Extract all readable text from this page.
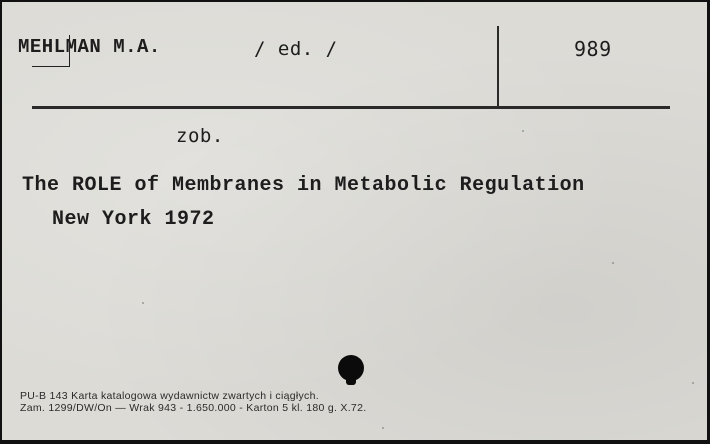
MEHLMAN M.A.	/ ed. /	989
zob.
The ROLE of Membranes in Metabolic Regulation
New York 1972
PU-B 143 Karta katalogowa wydawnictw zwartych i ciągłych.
Zam. 1299/DW/On — Wrak 943 - 1.650.000 - Karton 5 kl. 180 g. X.72.
